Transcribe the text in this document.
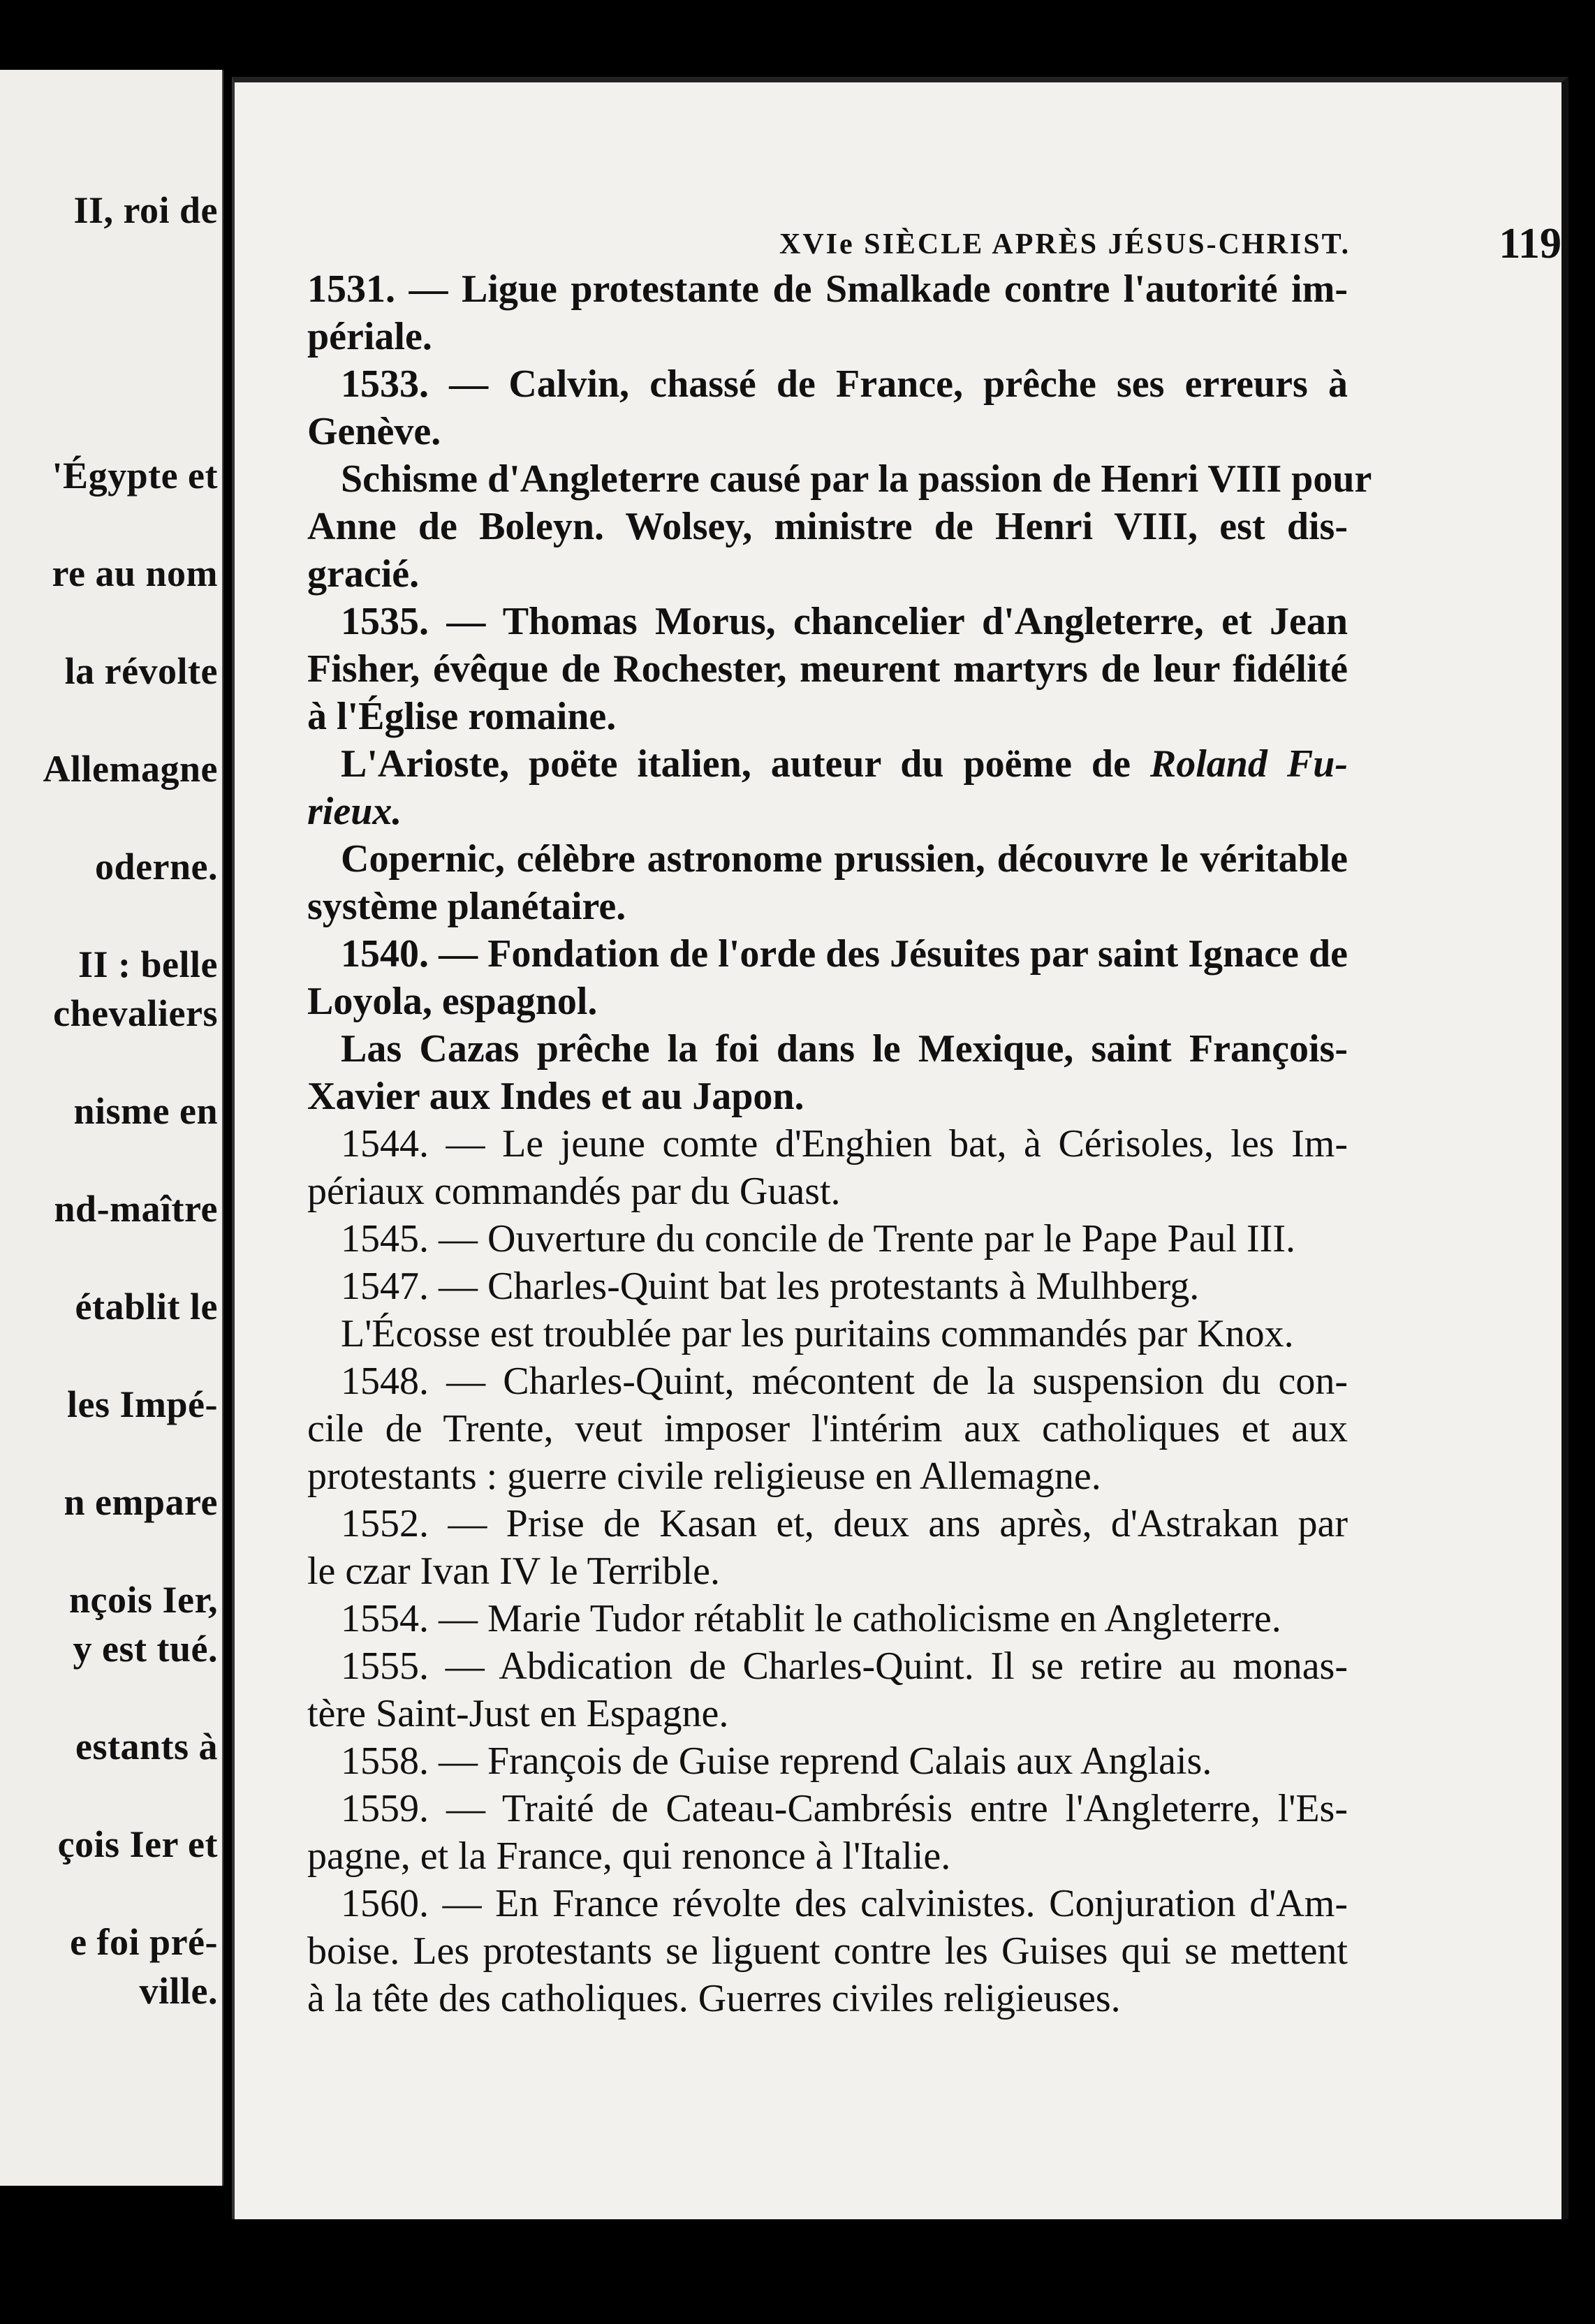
II, roi de
'Égypte et
re au nom
la révolte
Allemagne
oderne.
II : belle
chevaliers
nisme en
nd-maître
établit le
les Impé-
n empare
nçois Ier,
y est tué.
estants à
çois Ier et
e foi pré-
ville.
XVIe SIÈCLE APRÈS JÉSUS-CHRIST.	119
1531. — Ligue protestante de Smalkade contre l'autorité im-
périale.
1533. — Calvin, chassé de France, prêche ses erreurs à
Genève.
Schisme d'Angleterre causé par la passion de Henri VIII pour
Anne de Boleyn. Wolsey, ministre de Henri VIII, est dis-
gracié.
1535. — Thomas Morus, chancelier d'Angleterre, et Jean
Fisher, évêque de Rochester, meurent martyrs de leur fidélité
à l'Église romaine.
L'Arioste, poëte italien, auteur du poëme de Roland Fu-
rieux.
Copernic, célèbre astronome prussien, découvre le véritable
système planétaire.
1540. — Fondation de l'orde des Jésuites par saint Ignace de
Loyola, espagnol.
Las Cazas prêche la foi dans le Mexique, saint François-
Xavier aux Indes et au Japon.
1544. — Le jeune comte d'Enghien bat, à Cérisoles, les Im-
périaux commandés par du Guast.
1545. — Ouverture du concile de Trente par le Pape Paul III.
1547. — Charles-Quint bat les protestants à Mulhberg.
L'Écosse est troublée par les puritains commandés par Knox.
1548. — Charles-Quint, mécontent de la suspension du con-
cile de Trente, veut imposer l'intérim aux catholiques et aux
protestants : guerre civile religieuse en Allemagne.
1552. — Prise de Kasan et, deux ans après, d'Astrakan par
le czar Ivan IV le Terrible.
1554. — Marie Tudor rétablit le catholicisme en Angleterre.
1555. — Abdication de Charles-Quint. Il se retire au monas-
tère Saint-Just en Espagne.
1558. — François de Guise reprend Calais aux Anglais.
1559. — Traité de Cateau-Cambrésis entre l'Angleterre, l'Es-
pagne, et la France, qui renonce à l'Italie.
1560. — En France révolte des calvinistes. Conjuration d'Am-
boise. Les protestants se liguent contre les Guises qui se mettent
à la tête des catholiques. Guerres civiles religieuses.
